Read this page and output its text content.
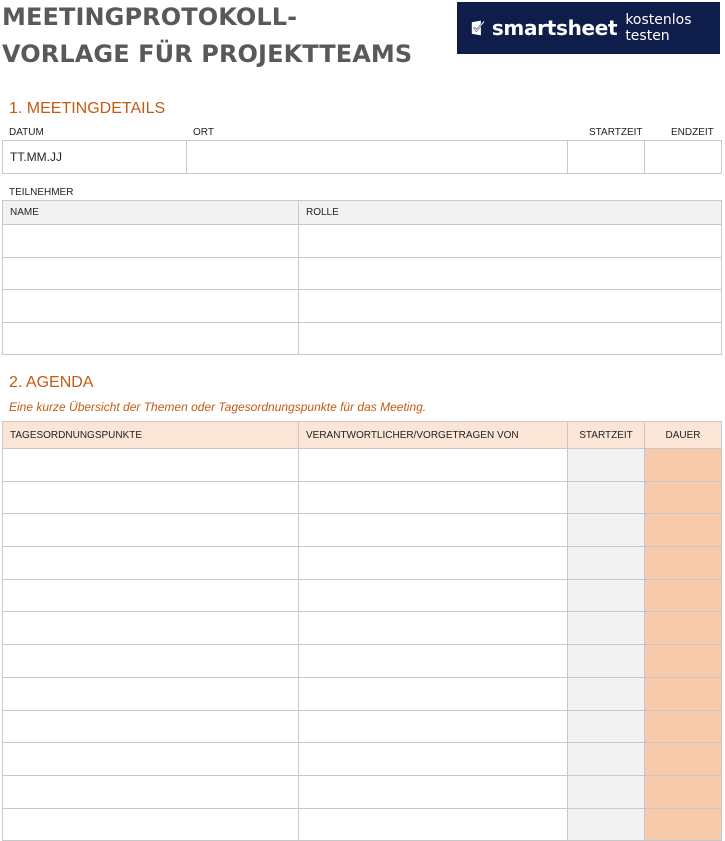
MEETINGPROTOKOLL-
VORLAGE FÜR PROJEKTTEAMS
smartsheet kostenlos testen
1. MEETINGDETAILS
DATUM	ORT	STARTZEIT	ENDZEIT
TT.MM.JJ			
TEILNEHMER
NAME	ROLLE

2. AGENDA
Eine kurze Übersicht der Themen oder Tagesordnungspunkte für das Meeting.
TAGESORDNUNGSPUNKTE	VERANTWORTLICHER/VORGETRAGEN VON	STARTZEIT	DAUER
